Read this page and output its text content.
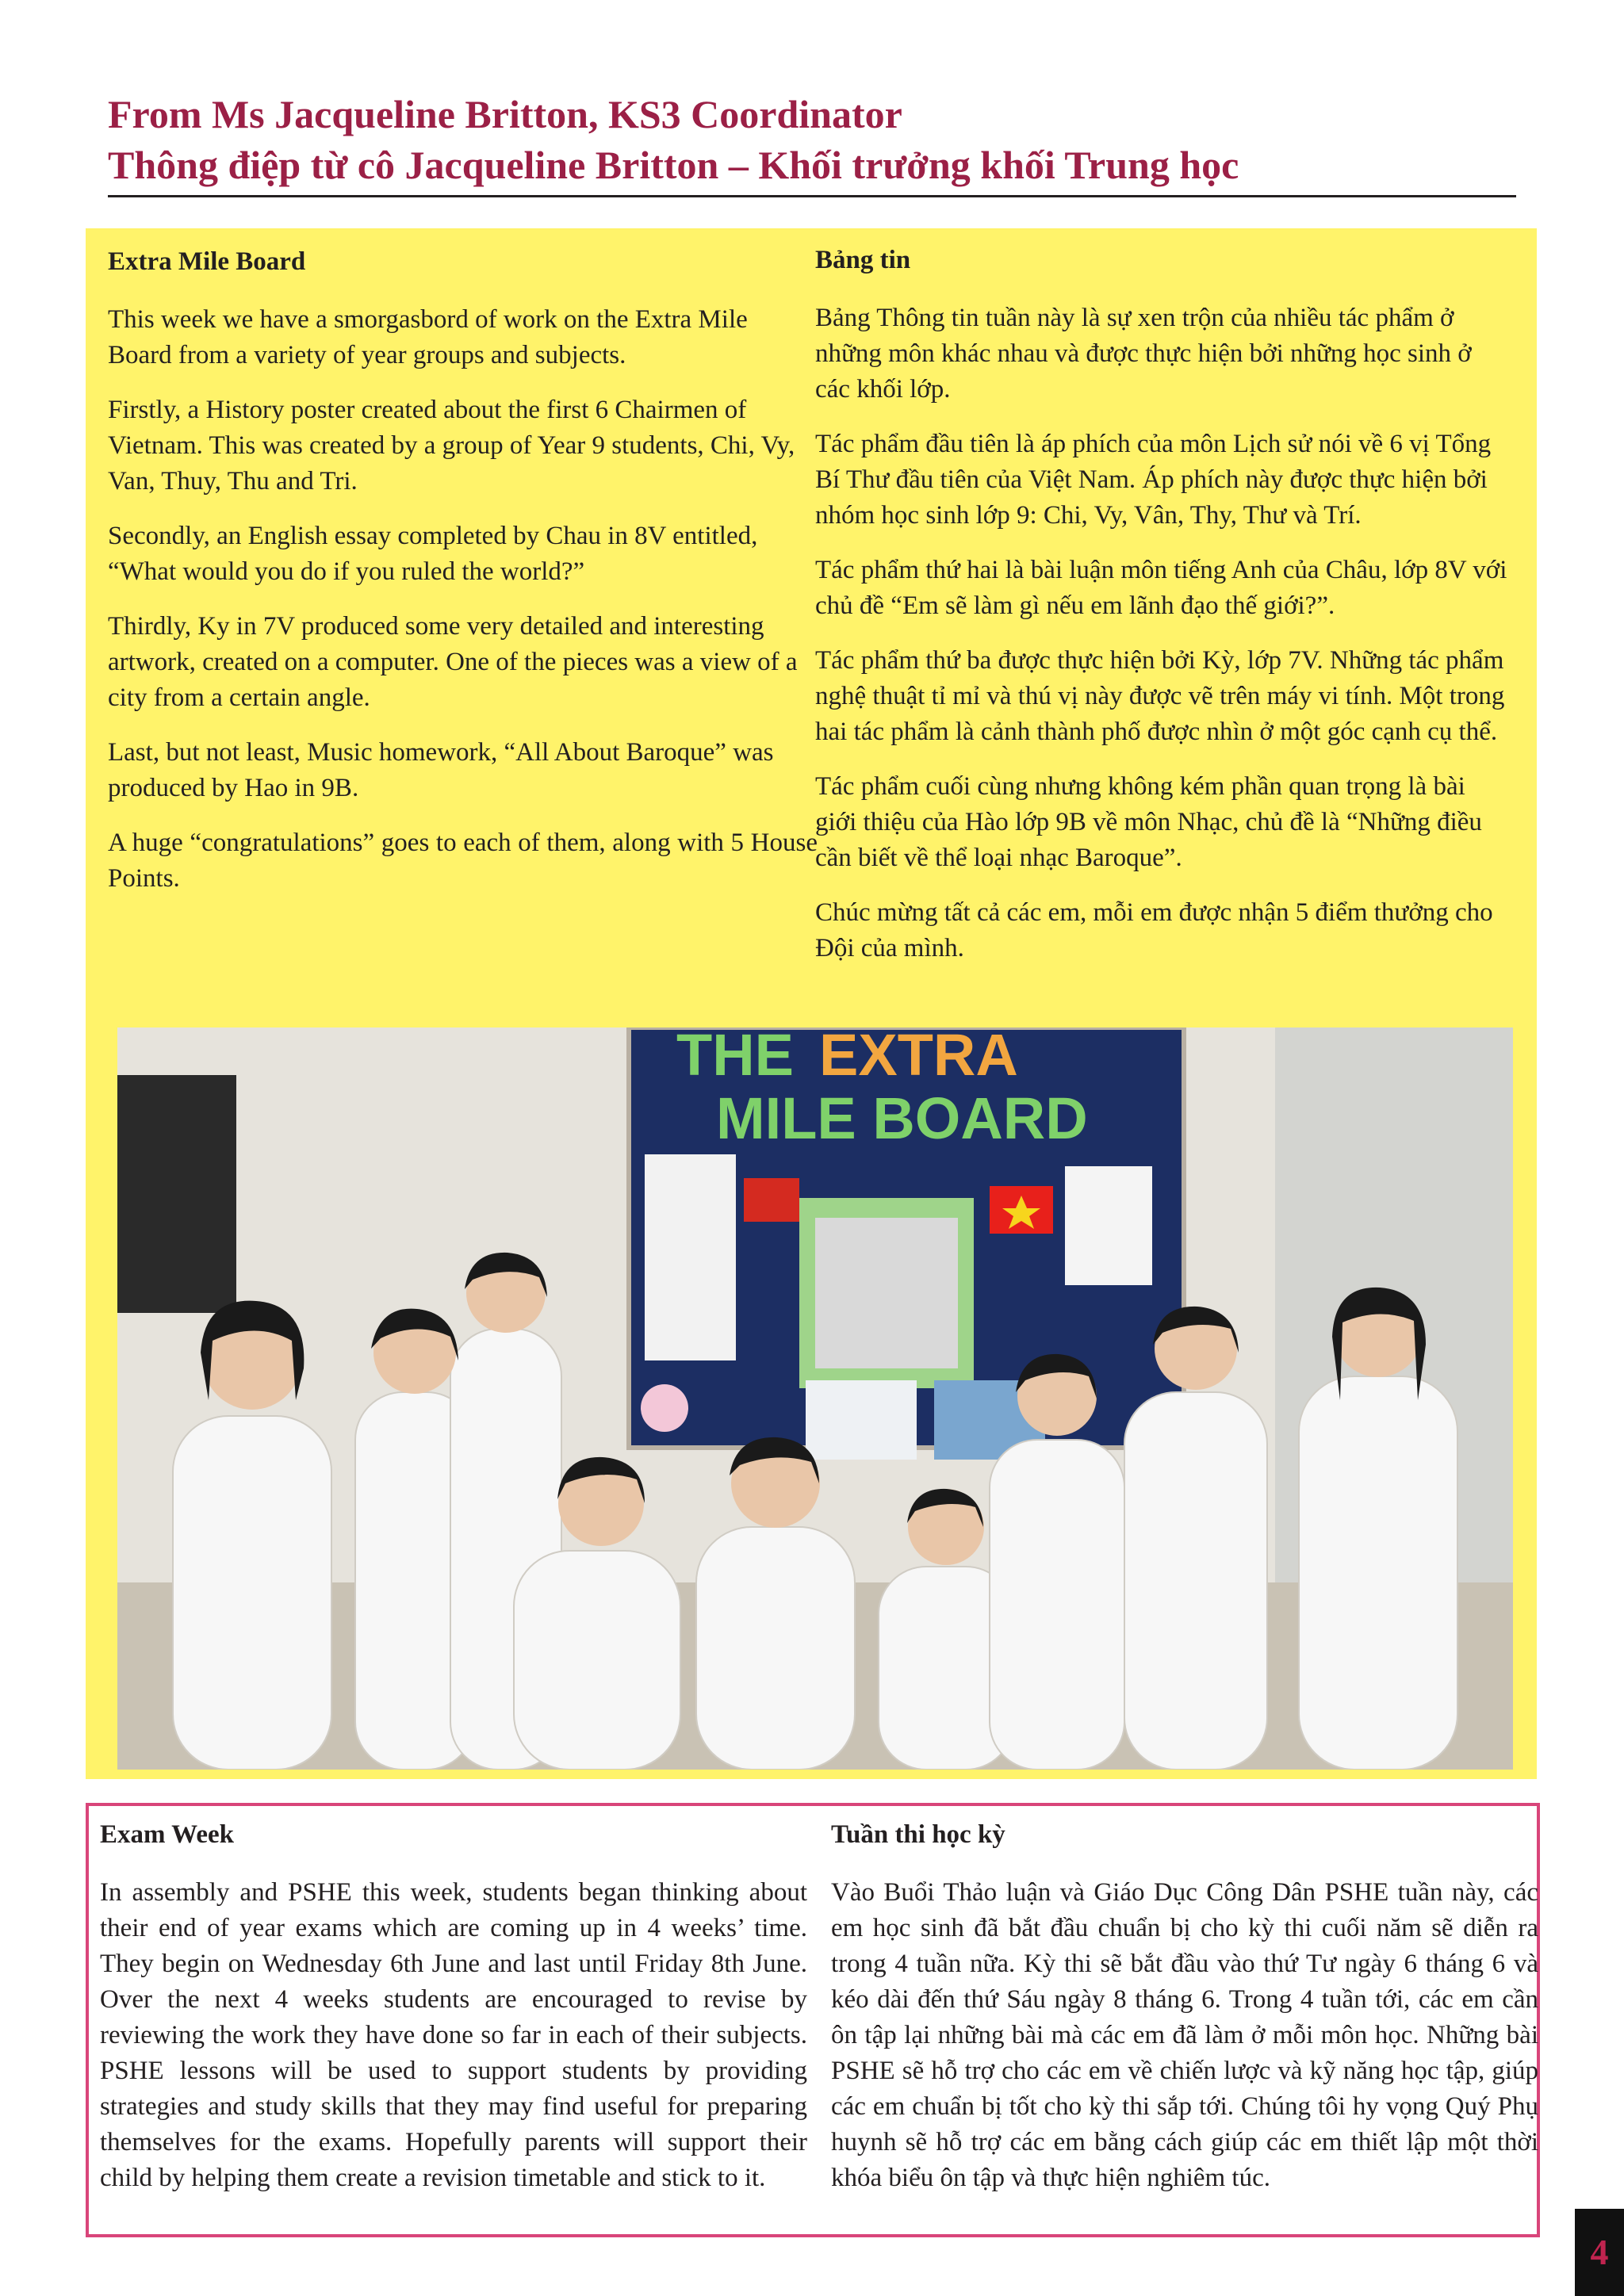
From Ms Jacqueline Britton, KS3 Coordinator
Thông điệp từ cô Jacqueline Britton – Khối trưởng khối Trung học

Extra Mile Board

This week we have a smorgasbord of work on the Extra Mile Board from a variety of year groups and subjects.

Firstly, a History poster created about the first 6 Chairmen of Vietnam. This was created by a group of Year 9 students, Chi, Vy, Van, Thuy, Thu and Tri.

Secondly, an English essay completed by Chau in 8V entitled, “What would you do if you ruled the world?”

Thirdly, Ky in 7V produced some very detailed and interesting artwork, created on a computer. One of the pieces was a view of a city from a certain angle.

Last, but not least, Music homework, “All About Baroque” was produced by Hao in 9B.

A huge “congratulations” goes to each of them, along with 5 House Points.

Bảng tin

Bảng Thông tin tuần này là sự xen trộn của nhiều tác phẩm ở những môn khác nhau và được thực hiện bởi những học sinh ở các khối lớp.

Tác phẩm đầu tiên là áp phích của môn Lịch sử nói về 6 vị Tổng Bí Thư đầu tiên của Việt Nam. Áp phích này được thực hiện bởi nhóm học sinh lớp 9: Chi, Vy, Vân, Thy, Thư và Trí.

Tác phẩm thứ hai là bài luận môn tiếng Anh của Châu, lớp 8V với chủ đề “Em sẽ làm gì nếu em lãnh đạo thế giới?”.

Tác phẩm thứ ba được thực hiện bởi Kỳ, lớp 7V. Những tác phẩm nghệ thuật tỉ mỉ và thú vị này được vẽ trên máy vi tính. Một trong hai tác phẩm là cảnh thành phố được nhìn ở một góc cạnh cụ thể.

Tác phẩm cuối cùng nhưng không kém phần quan trọng là bài giới thiệu của Hào lớp 9B về môn Nhạc, chủ đề là “Những điều cần biết về thể loại nhạc Baroque”.

Chúc mừng tất cả các em, mỗi em được nhận 5 điểm thưởng cho Đội của mình.

THE EXTRA
MILE BOARD

Exam Week

In assembly and PSHE this week, students began thinking about their end of year exams which are coming up in 4 weeks’ time. They begin on Wednesday 6th June and last until Friday 8th June. Over the next 4 weeks students are encouraged to revise by reviewing the work they have done so far in each of their subjects. PSHE lessons will be used to support students by providing strategies and study skills that they may find useful for preparing themselves for the exams. Hopefully parents will support their child by helping them create a revision timetable and stick to it.

Tuần thi học kỳ

Vào Buổi Thảo luận và Giáo Dục Công Dân PSHE tuần này, các em học sinh đã bắt đầu chuẩn bị cho kỳ thi cuối năm sẽ diễn ra trong 4 tuần nữa. Kỳ thi sẽ bắt đầu vào thứ Tư ngày 6 tháng 6 và kéo dài đến thứ Sáu ngày 8 tháng 6. Trong 4 tuần tới, các em cần ôn tập lại những bài mà các em đã làm ở mỗi môn học. Những bài PSHE sẽ hỗ trợ cho các em về chiến lược và kỹ năng học tập, giúp các em chuẩn bị tốt cho kỳ thi sắp tới. Chúng tôi hy vọng Quý Phụ huynh sẽ hỗ trợ các em bằng cách giúp các em thiết lập một thời khóa biểu ôn tập và thực hiện nghiêm túc.

4
